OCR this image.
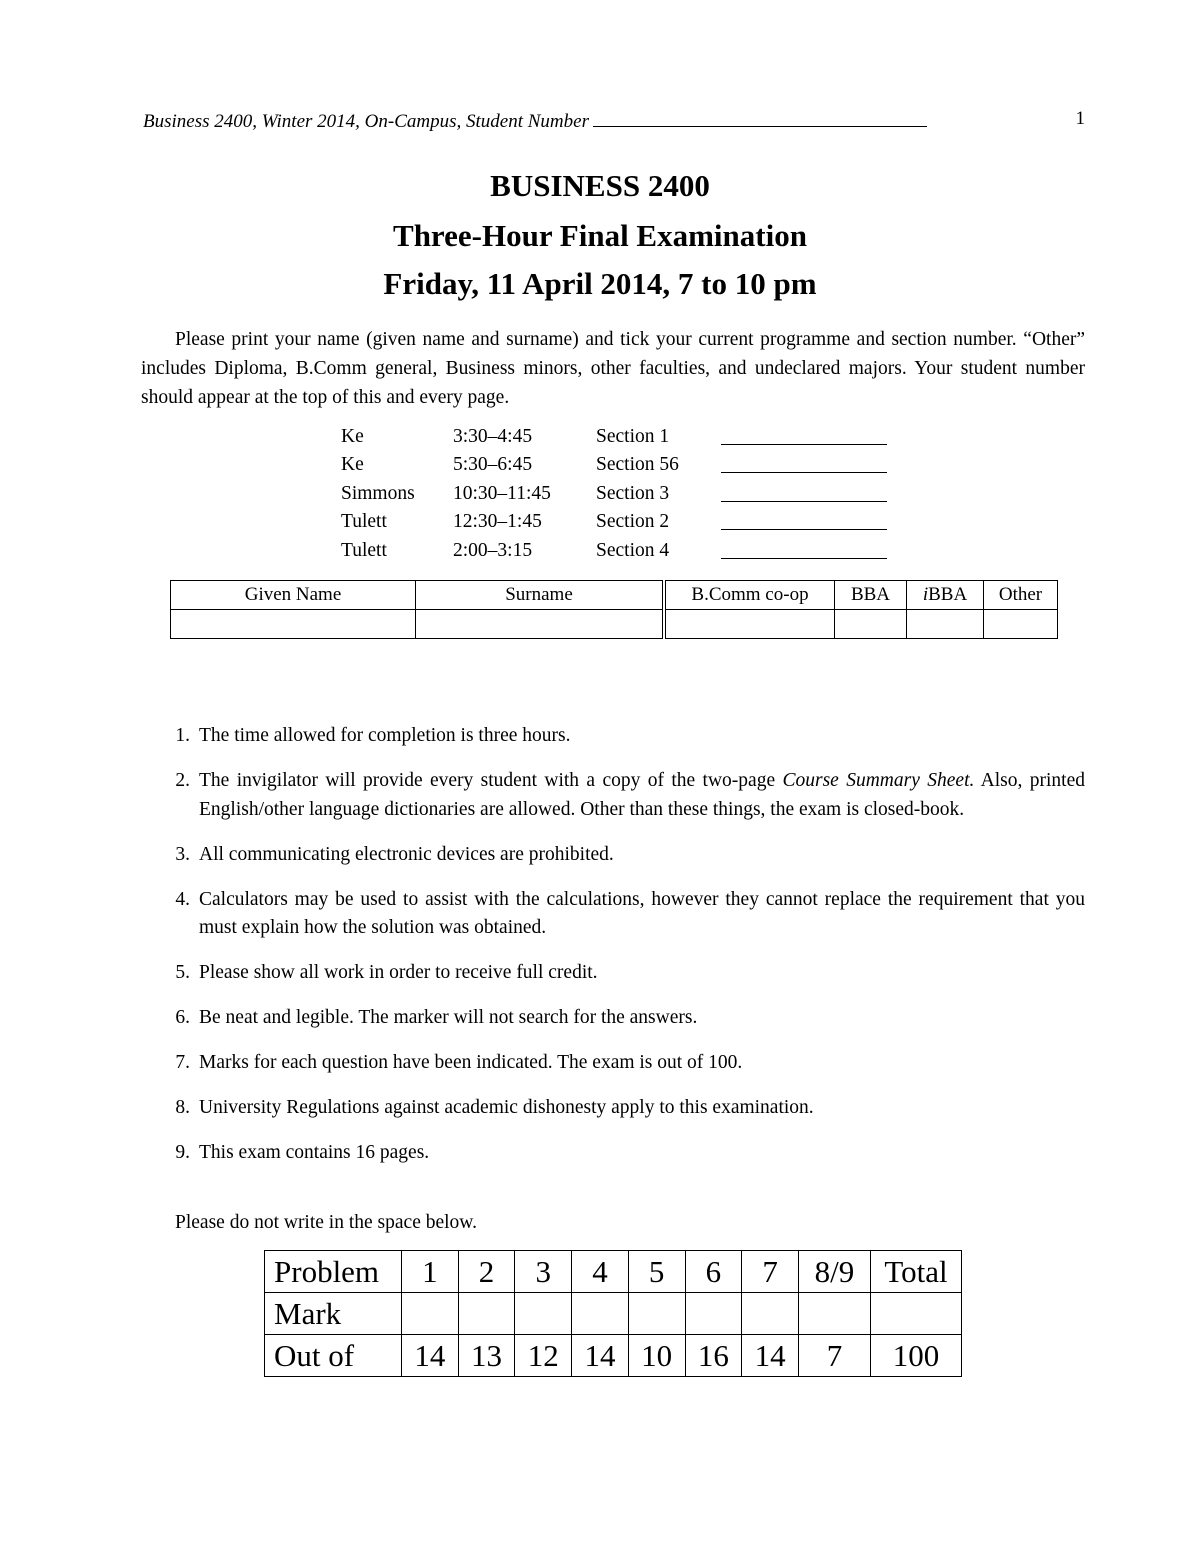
Business 2400, Winter 2014, On-Campus, Student Number	1
BUSINESS 2400
Three-Hour Final Examination
Friday, 11 April 2014, 7 to 10 pm
Please print your name (given name and surname) and tick your current programme and section number. “Other” includes Diploma, B.Comm general, Business minors, other faculties, and undeclared majors. Your student number should appear at the top of this and every page.
Ke	3:30–4:45	Section 1
Ke	5:30–6:45	Section 56
Simmons	10:30–11:45	Section 3
Tulett	12:30–1:45	Section 2
Tulett	2:00–3:15	Section 4
Given Name	Surname	B.Comm co-op	BBA	iBBA	Other

1. The time allowed for completion is three hours.
2. The invigilator will provide every student with a copy of the two-page Course Summary Sheet. Also, printed English/other language dictionaries are allowed. Other than these things, the exam is closed-book.
3. All communicating electronic devices are prohibited.
4. Calculators may be used to assist with the calculations, however they cannot replace the requirement that you must explain how the solution was obtained.
5. Please show all work in order to receive full credit.
6. Be neat and legible. The marker will not search for the answers.
7. Marks for each question have been indicated. The exam is out of 100.
8. University Regulations against academic dishonesty apply to this examination.
9. This exam contains 16 pages.
Please do not write in the space below.
Problem	1	2	3	4	5	6	7	8/9	Total
Mark									
Out of	14	13	12	14	10	16	14	7	100
